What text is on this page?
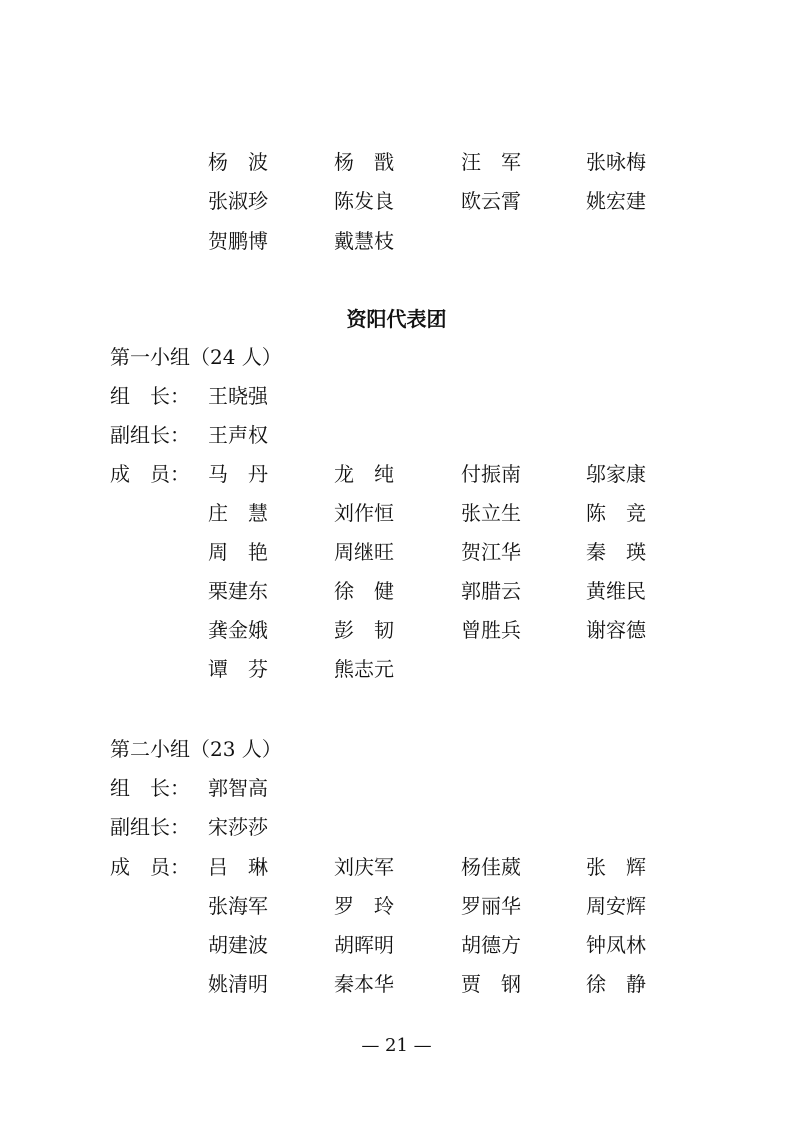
杨　波	杨　戬	汪　军	张咏梅
张淑珍	陈发良	欧云霄	姚宏建
贺鹏博	戴慧枝
资阳代表团
第一小组（24 人）
组　长： 王晓强
副组长： 王声权
成　员： 马　丹	龙　纯	付振南	邬家康
庄　慧	刘作恒	张立生	陈　竞
周　艳	周继旺	贺江华	秦　瑛
栗建东	徐　健	郭腊云	黄维民
龚金娥	彭　韧	曾胜兵	谢容德
谭　芬	熊志元
第二小组（23 人）
组　长： 郭智高
副组长： 宋莎莎
成　员： 吕　琳	刘庆军	杨佳葳	张　辉
张海军	罗　玲	罗丽华	周安辉
胡建波	胡晖明	胡德方	钟凤林
姚清明	秦本华	贾　钢	徐　静
— 21 —
